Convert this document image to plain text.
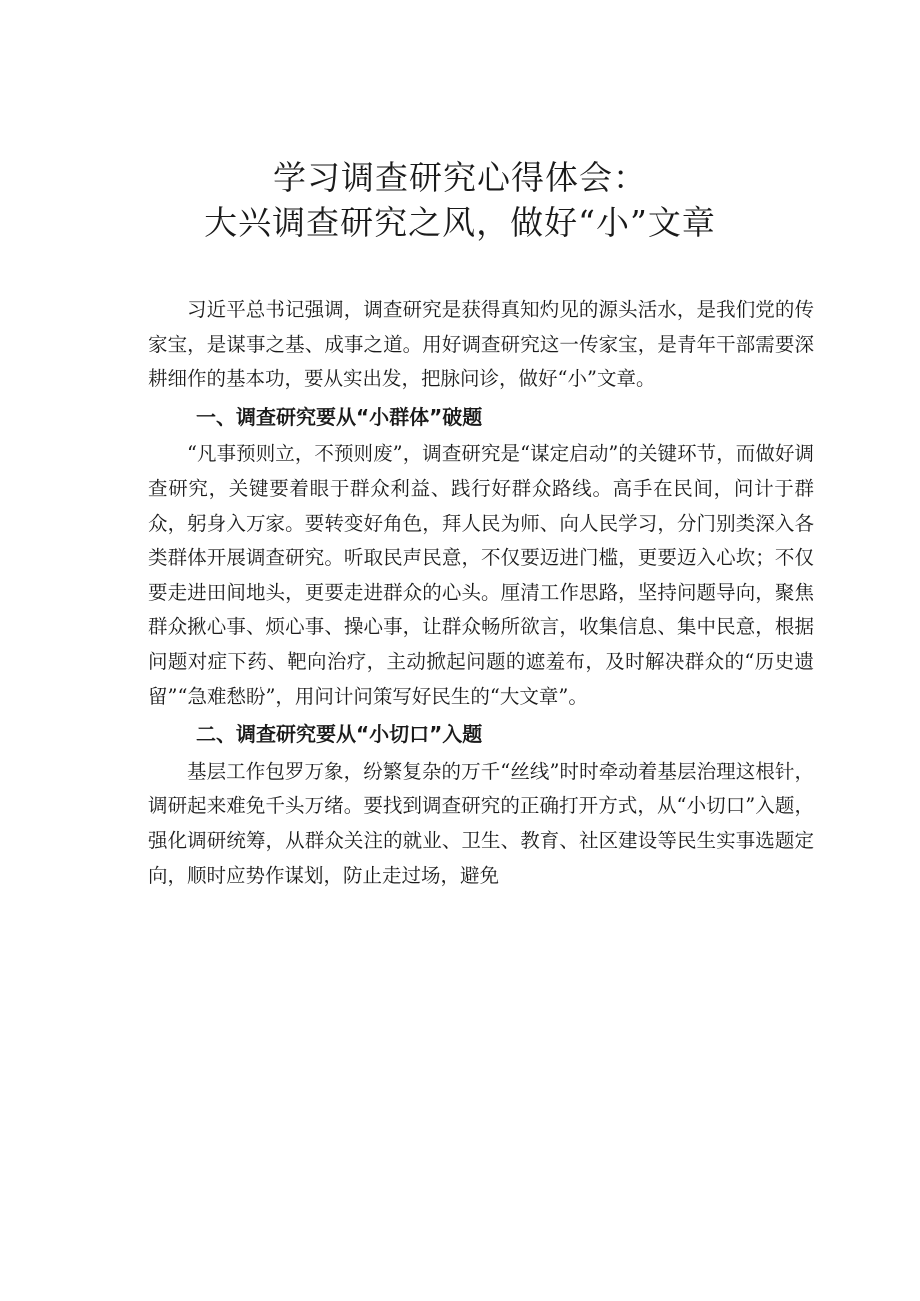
学习调查研究心得体会：
大兴调查研究之风，做好“小”文章

习近平总书记强调，调查研究是获得真知灼见的源头活水，是我们党的传家宝，是谋事之基、成事之道。用好调查研究这一传家宝，是青年干部需要深耕细作的基本功，要从实出发，把脉问诊，做好“小”文章。

一、调查研究要从“小群体”破题

“凡事预则立，不预则废”，调查研究是“谋定启动”的关键环节，而做好调查研究，关键要着眼于群众利益、践行好群众路线。高手在民间，问计于群众，躬身入万家。要转变好角色，拜人民为师、向人民学习，分门别类深入各类群体开展调查研究。听取民声民意，不仅要迈进门槛，更要迈入心坎；不仅要走进田间地头，更要走进群众的心头。厘清工作思路，坚持问题导向，聚焦群众揪心事、烦心事、操心事，让群众畅所欲言，收集信息、集中民意，根据问题对症下药、靶向治疗，主动掀起问题的遮羞布，及时解决群众的“历史遗留”“急难愁盼”，用问计问策写好民生的“大文章”。

二、调查研究要从“小切口”入题

基层工作包罗万象，纷繁复杂的万千“丝线”时时牵动着基层治理这根针，调研起来难免千头万绪。要找到调查研究的正确打开方式，从“小切口”入题，强化调研统筹，从群众关注的就业、卫生、教育、社区建设等民生实事选题定向，顺时应势作谋划，防止走过场，避免
